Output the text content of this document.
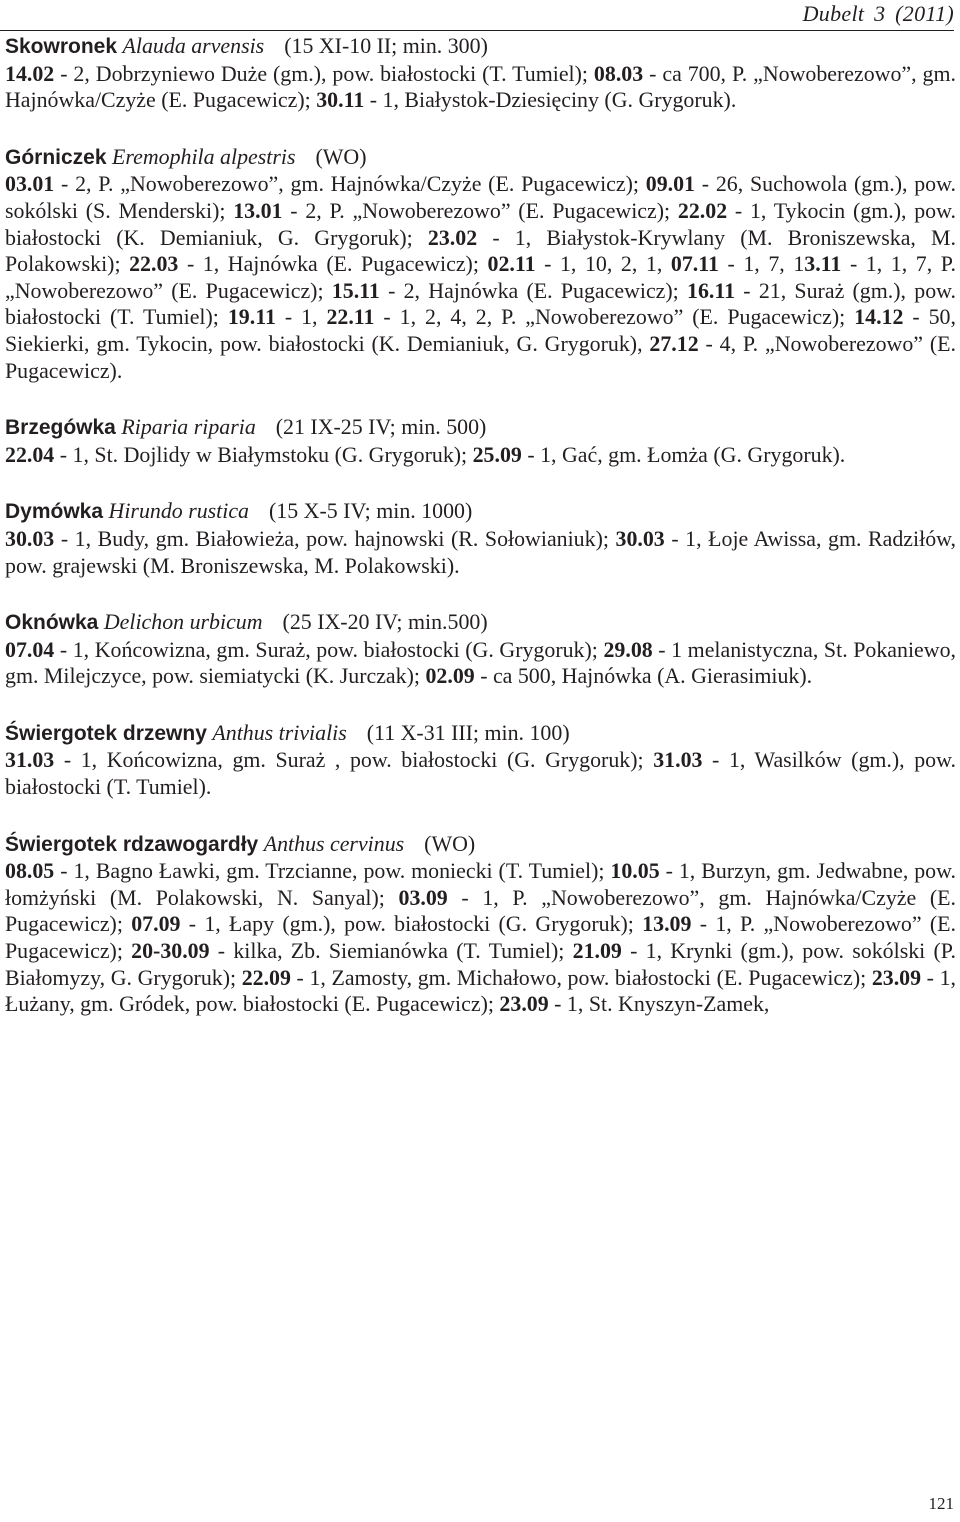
Dubelt 3 (2011)

Skowronek Alauda arvensis (15 XI-10 II; min. 300)
14.02 - 2, Dobrzyniewo Duże (gm.), pow. białostocki (T. Tumiel); 08.03 - ca 700, P. „Nowoberezowo”, gm. Hajnówka/Czyże (E. Pugacewicz); 30.11 - 1, Białystok-Dziesięciny (G. Grygoruk).

Górniczek Eremophila alpestris (WO)
03.01 - 2, P. „Nowoberezowo”, gm. Hajnówka/Czyże (E. Pugacewicz); 09.01 - 26, Suchowola (gm.), pow. sokólski (S. Menderski); 13.01 - 2, P. „Nowoberezowo” (E. Pugacewicz); 22.02 - 1, Tykocin (gm.), pow. białostocki (K. Demianiuk, G. Grygoruk); 23.02 - 1, Białystok-Krywlany (M. Broniszewska, M. Polakowski); 22.03 - 1, Hajnówka (E. Pugacewicz); 02.11 - 1, 10, 2, 1, 07.11 - 1, 7, 13.11 - 1, 1, 7, P. „Nowoberezowo” (E. Pugacewicz); 15.11 - 2, Hajnówka (E. Pugacewicz); 16.11 - 21, Suraż (gm.), pow. białostocki (T. Tumiel); 19.11 - 1, 22.11 - 1, 2, 4, 2, P. „Nowoberezowo” (E. Pugacewicz); 14.12 - 50, Siekierki, gm. Tykocin, pow. białostocki (K. Demianiuk, G. Grygoruk), 27.12 - 4, P. „Nowoberezowo” (E. Pugacewicz).

Brzegówka Riparia riparia (21 IX-25 IV; min. 500)
22.04 - 1, St. Dojlidy w Białymstoku (G. Grygoruk); 25.09 - 1, Gać, gm. Łomża (G. Grygoruk).

Dymówka Hirundo rustica (15 X-5 IV; min. 1000)
30.03 - 1, Budy, gm. Białowieża, pow. hajnowski (R. Sołowianiuk); 30.03 - 1, Łoje Awissa, gm. Radziłów, pow. grajewski (M. Broniszewska, M. Polakowski).

Oknówka Delichon urbicum (25 IX-20 IV; min.500)
07.04 - 1, Końcowizna, gm. Suraż, pow. białostocki (G. Grygoruk); 29.08 - 1 melanistyczna, St. Pokaniewo, gm. Milejczyce, pow. siemiatycki (K. Jurczak); 02.09 - ca 500, Hajnówka (A. Gierasimiuk).

Świergotek drzewny Anthus trivialis (11 X-31 III; min. 100)
31.03 - 1, Końcowizna, gm. Suraż , pow. białostocki (G. Grygoruk); 31.03 - 1, Wasilków (gm.), pow. białostocki (T. Tumiel).

Świergotek rdzawogardły Anthus cervinus (WO)
08.05 - 1, Bagno Ławki, gm. Trzcianne, pow. moniecki (T. Tumiel); 10.05 - 1, Burzyn, gm. Jedwabne, pow. łomżyński (M. Polakowski, N. Sanyal); 03.09 - 1, P. „Nowoberezowo”, gm. Hajnówka/Czyże (E. Pugacewicz); 07.09 - 1, Łapy (gm.), pow. białostocki (G. Grygoruk); 13.09 - 1, P. „Nowoberezowo” (E. Pugacewicz); 20-30.09 - kilka, Zb. Siemianówka (T. Tumiel); 21.09 - 1, Krynki (gm.), pow. sokólski (P. Białomyzy, G. Grygoruk); 22.09 - 1, Zamosty, gm. Michałowo, pow. białostocki (E. Pugacewicz); 23.09 - 1, Łużany, gm. Gródek, pow. białostocki (E. Pugacewicz); 23.09 - 1, St. Knyszyn-Zamek,

121
